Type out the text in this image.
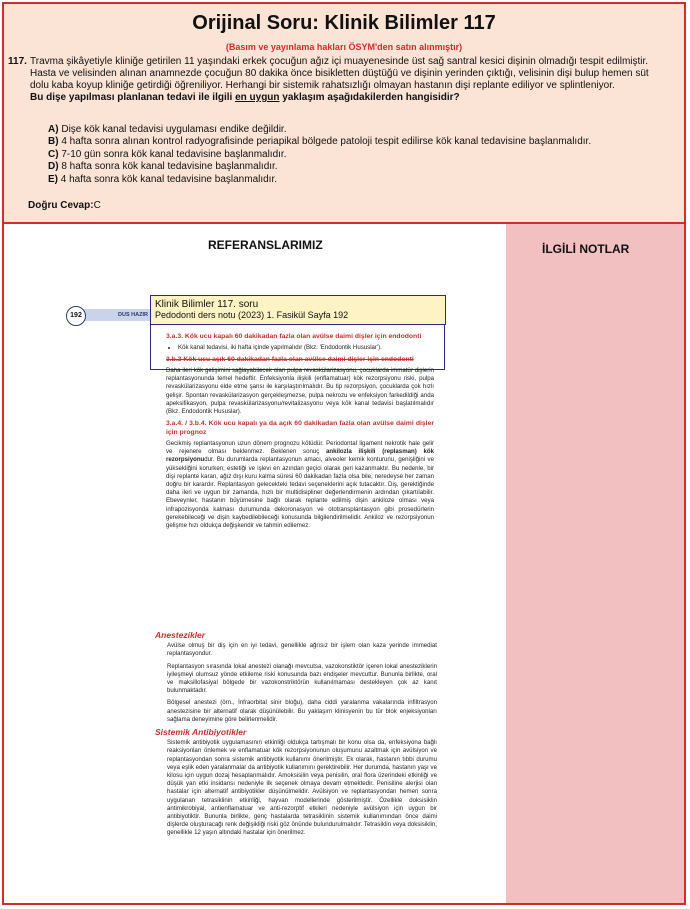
Orijinal Soru: Klinik Bilimler 117
(Basım ve yayınlama hakları ÖSYM'den satın alınmıştır)
117. Travma şikâyetiyle kliniğe getirilen 11 yaşındaki erkek çocuğun ağız içi muayenesinde üst sağ santral kesici dişinin olmadığı tespit edilmiştir. Hasta ve velisinden alınan anamnezde çocuğun 80 dakika önce bisikletten düştüğü ve dişinin yerinden çıktığı, velisinin dişi bulup hemen süt dolu kaba koyup kliniğe getirdiği öğreniliyor. Herhangi bir sistemik rahatsızlığı olmayan hastanın dişi replante ediliyor ve splintleniyor.
Bu dişe yapılması planlanan tedavi ile ilgili en uygun yaklaşım aşağıdakilerden hangisidir?
A) Dişe kök kanal tedavisi uygulaması endike değildir.
B) 4 hafta sonra alınan kontrol radyografisinde periapikal bölgede patoloji tespit edilirse kök kanal tedavisine başlanmalıdır.
C) 7-10 gün sonra kök kanal tedavisine başlanmalıdır.
D) 8 hafta sonra kök kanal tedavisine başlanmalıdır.
E) 4 hafta sonra kök kanal tedavisine başlanmalıdır.
Doğru Cevap:C
REFERANSLARIMIZ	İLGİLİ NOTLAR
DUS HAZIR
192
Klinik Bilimler 117. soru
Pedodonti ders notu (2023) 1. Fasikül Sayfa 192
3.a.3. Kök ucu kapalı 60 dakikadan fazla olan avülse daimi dişler için endodonti
• Kök kanal tedavisi, iki hafta içinde yapılmalıdır (Bkz. 'Endodontik Hususlar').
3.b.3 Kök ucu açık 60 dakikadan fazla olan avülse daimi dişler için endodonti

Daha ileri kök gelişimini sağlayabilecek olan pulpa revaskülarizasyonu, çocuklarda immatür dişlerin replantasyonunda temel hedeftir. Enfeksiyonla ilişkili (enflamatuar) kök rezorpsiyonu riski, pulpa revaskülarizasyonu elde etme şansı ile karşılaştırılmalıdır. Bu tip rezorpsiyon, çocuklarda çok hızlı gelişir. Spontan revaskülarizasyon gerçekleşmezse, pulpa nekrozu ve enfeksiyon farkedildiği anda apeksifikasyon, pulpa revaskülarizasyonu/revitalizasyonu veya kök kanal tedavisi başlatılmalıdır (Bkz. Endodontik Hususlar).

3.a.4. / 3.b.4. Kök ucu kapalı ya da açık 60 dakikadan fazla olan avülse daimi dişler için prognoz

Gecikmiş replantasyonun uzun dönem prognozu kötüdür. Periodontal ligament nekrotik hale gelir ve rejenere olması beklenmez. Beklenen sonuç ankilozla ilişkili (replasman) kök rezorpsiyonudur. Bu durumlarda replantasyonun amacı, alveoler kemik konturunu, genişliğini ve yüksekliğini korurken; estetiği ve işlevi en azından geçici olarak geri kazanmaktır. Bu nedenle, bir dişi replante karan, ağız dışı kuru kalma süresi 60 dakikadan fazla olsa bile, neredeyse her zaman doğru bir karardır. Replantasyon gelecekteki tedavi seçeneklerini açık tutacaktır. Diş, gerektiğinde daha ileri ve uygun bir zamanda, hızlı bir multidisipliner değerlendirmenin ardından çıkartılabilir. Ebeveynler, hastanın büyümesine bağlı olarak replante edilmiş dişin ankiloze olması veya infrapozisyonda kalması durumunda dekoronasyon ve ototransplantasyon gibi prosedürlerin gerekebileceği ve dişin kaybedilebileceği konusunda bilgilendirilmelidir. Ankiloz ve rezorpsiyonun gelişme hızı oldukça değişkendir ve tahmin edilemez.

Anestezikler

Avülse olmuş bir diş için en iyi tedavi, genellikle ağrısız bir işlem olan kaza yerinde immediat replantasyondur.

Replantasyon sırasında lokal anestezi olanağı mevcutsa, vazokonstiktör içeren lokal anesteziklerin iyileşmeyi olumsuz yönde etkileme riski konusunda bazı endişeler mevcuttur. Bununla birlikte, oral ve maksillofasiyal bölgede bir vazokonstriktörün kullanılmaması destekleyen çok az kanıt bulunmaktadır.

Bölgesel anestezi (örn., İnfraorbital sinir bloğu), daha ciddi yaralanma vakalarında infiltrasyon anestezisine bir alternatif olarak düşünülebilir. Bu yaklaşım klinisyenin bu tür blok enjeksiyonları sağlama deneyimine göre belirlenmelidir.

Sistemik Antibiyotikler

Sistemik antibiyotik uygulamasının etkinliği oldukça tartışmalı bir konu olsa da, enfeksiyona bağlı reaksiyonları önlemek ve enflamatuar kök rezorpsiyonunun oluşumunu azaltmak için avülsiyon ve replantasyondan sonra sistemik antibiyotik kullanımı önerilmiştir. Ek olarak, hastanın tıbbi durumu veya eşlik eden yaralanmalar da antibiyotik kullanımını gerektirebilir. Her durumda, hastanın yaşı ve kilosu için uygun dozaj hesaplanmalıdır. Amoksisilin veya penisilin, oral flora üzerindeki etkinliği ve düşük yan etki insidansı nedeniyle ilk seçenek olmaya devam etmektedir. Penisiline alerjisi olan hastalar için alternatif antibiyotikler düşünülmelidir. Avülsiyon ve replantasyondan hemen sonra uygulanan tetrasiklinin etkinliği, hayvan modellerinde gösterilmiştir. Özellikle doksisiklin antimikrobiyal, antienflamatuar ve anti-rezorptif etkileri nedeniyle avülsiyon için uygun bir antibiyotiktir. Bununla birlikte, genç hastalarda tetrasiklinin sistemik kullanımından önce daimi dişlerde oluşturacağı renk değişikliği riski göz önünde bulundurulmalıdır. Tetrasiklin veya doksisiklin, genellikle 12 yaşın altındaki hastalar için önerilmez.
